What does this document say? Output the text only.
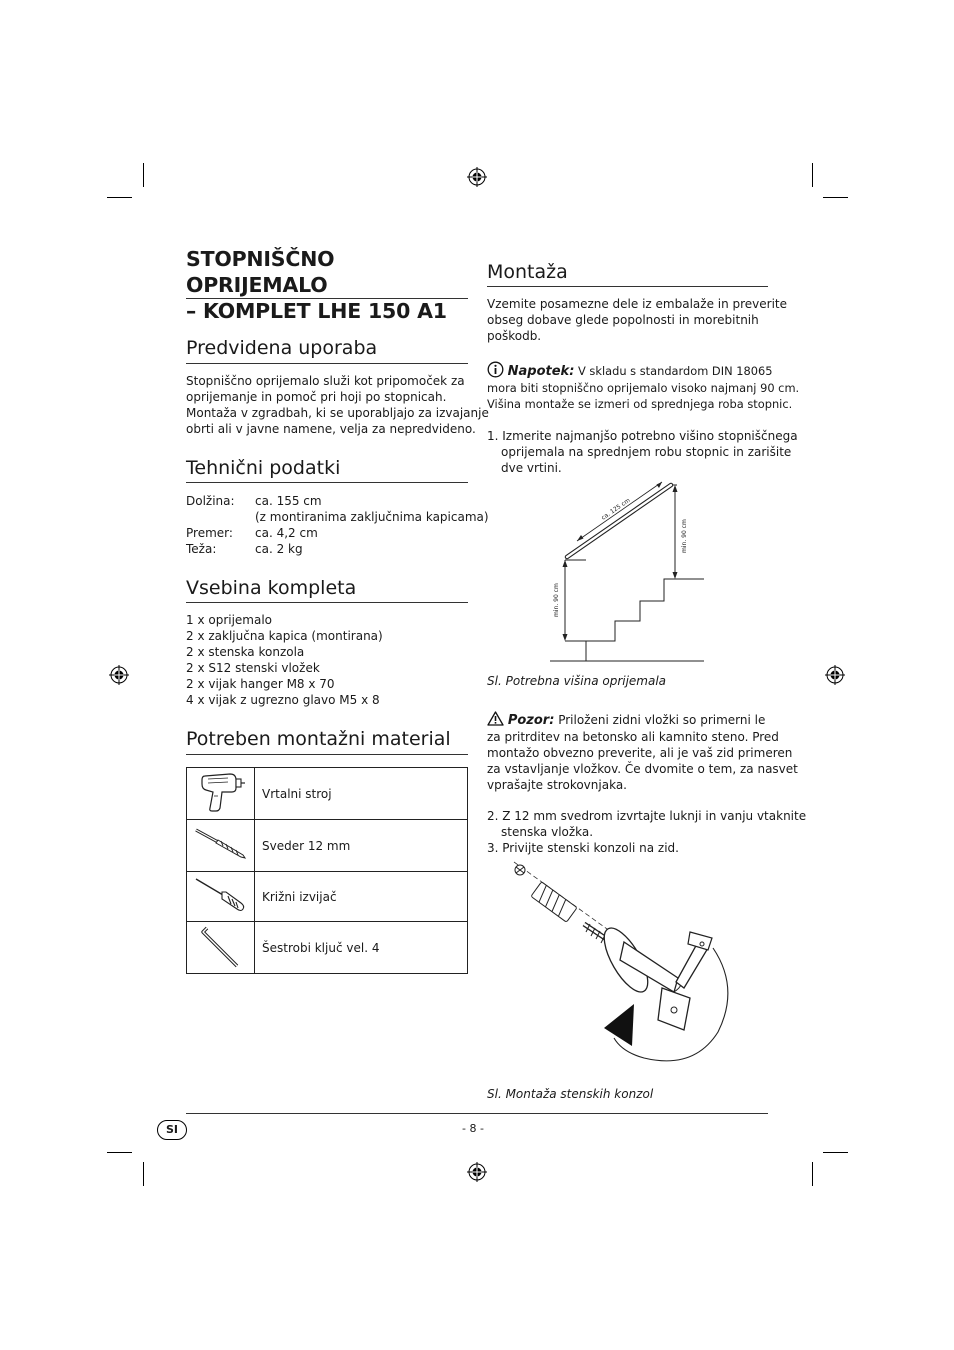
STOPNIŠČNO OPRIJEMALO
– KOMPLET LHE 150 A1
Predvidena uporaba
Stopniščno oprijemalo služi kot pripomoček za
oprijemanje in pomoč pri hoji po stopnicah.
Montaža v zgradbah, ki se uporabljajo za izvajanje
obrti ali v javne namene, velja za nepredvideno.
Tehnični podatki
Dolžina: ca. 155 cm
(z montiranima zaključnima kapicama)
Premer: ca. 4,2 cm
Teža:	ca. 2 kg
Vsebina kompleta
1 x oprijemalo
2 x zaključna kapica (montirana)
2 x stenska konzola
2 x S12 stenski vložek
2 x vijak hanger M8 x 70
4 x vijak z ugrezno glavo M5 x 8
Potreben montažni material
	Vrtalni stroj
	Sveder 12 mm
	Križni izvijač
	Šestrobi ključ vel. 4
Montaža
Vzemite posamezne dele iz embalaže in preverite
obseg dobave glede popolnosti in morebitnih
poškodb.
Napotek: V skladu s standardom DIN 18065
mora biti stopniščno oprijemalo visoko najmanj 90 cm.
Višina montaže se izmeri od sprednjega roba stopnic.
1. Izmerite najmanjšo potrebno višino stopniščnega
oprijemala na sprednjem robu stopnic in zarišite
dve vrtini.
ca. 125 cm
min. 90 cm
min. 90 cm
Sl. Potrebna višina oprijemala
Pozor: Priloženi zidni vložki so primerni le
za pritrditev na betonsko ali kamnito steno. Pred
montažo obvezno preverite, ali je vaš zid primeren
za vstavljanje vložkov. Če dvomite o tem, za nasvet
vprašajte strokovnjaka.
2. Z 12 mm svedrom izvrtajte luknji in vanju vtaknite
stenska vložka.
3. Privijte stenski konzoli na zid.
Sl. Montaža stenskih konzol
SI	- 8 -
